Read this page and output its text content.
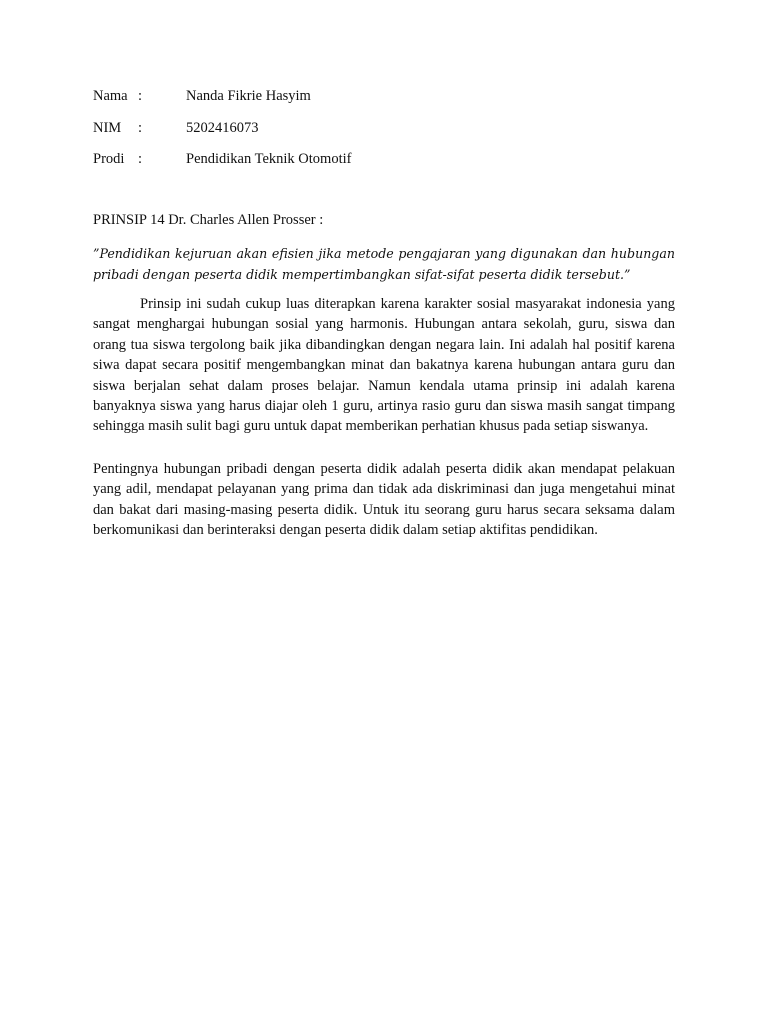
Nama :	Nanda Fikrie Hasyim
NIM :	5202416073
Prodi :	Pendidikan Teknik Otomotif
PRINSIP 14 Dr. Charles Allen Prosser :
”Pendidikan kejuruan akan efisien jika metode pengajaran yang digunakan dan hubungan pribadi dengan peserta didik mempertimbangkan sifat-sifat peserta didik tersebut.”

Prinsip ini sudah cukup luas diterapkan karena karakter sosial masyarakat indonesia yang sangat menghargai hubungan sosial yang harmonis. Hubungan antara sekolah, guru, siswa dan orang tua siswa tergolong baik jika dibandingkan dengan negara lain. Ini adalah hal positif karena siwa dapat secara positif mengembangkan minat dan bakatnya karena hubungan antara guru dan siswa berjalan sehat dalam proses belajar. Namun kendala utama prinsip ini adalah karena banyaknya siswa yang harus diajar oleh 1 guru, artinya rasio guru dan siswa masih sangat timpang sehingga masih sulit bagi guru untuk dapat memberikan perhatian khusus pada setiap siswanya.

Pentingnya hubungan pribadi dengan peserta didik adalah peserta didik akan mendapat pelakuan yang adil, mendapat pelayanan yang prima dan tidak ada diskriminasi dan juga mengetahui minat dan bakat dari masing-masing peserta didik. Untuk itu seorang guru harus secara seksama dalam berkomunikasi dan berinteraksi dengan peserta didik dalam setiap aktifitas pendidikan.
